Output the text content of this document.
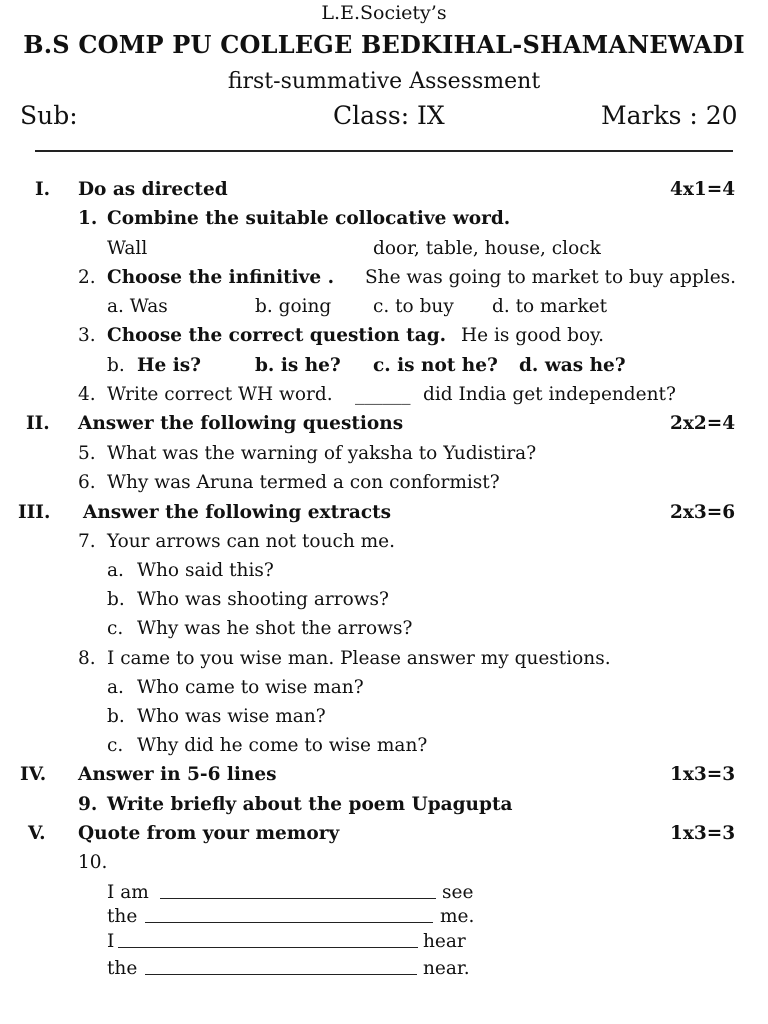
L.E.Society’s
B.S COMP PU COLLEGE BEDKIHAL-SHAMANEWADI
first-summative Assessment
Sub:	Class: IX	Marks : 20
I. Do as directed	4x1=4
1. Combine the suitable collocative word.
Wall	door, table, house, clock
2. Choose the infinitive . She was going to market to buy apples.
a. Was	b. going c. to buy d. to market
3. Choose the correct question tag. He is good boy.
b. He is?	b. is he? c. is not he? d. was he?
4. Write correct WH word. ______ did India get independent?
II. Answer the following questions	2x2=4
5. What was the warning of yaksha to Yudistira?
6. Why was Aruna termed a con conformist?
III. Answer the following extracts	2x3=6
7. Your arrows can not touch me.
a. Who said this?
b. Who was shooting arrows?
c. Why was he shot the arrows?
8. I came to you wise man. Please answer my questions.
a. Who came to wise man?
b. Who was wise man?
c. Why did he come to wise man?
IV. Answer in 5-6 lines	1x3=3
9. Write briefly about the poem Upagupta
V. Quote from your memory	1x3=3
10.
I am	see
the	me.
I	hear
the	near.
